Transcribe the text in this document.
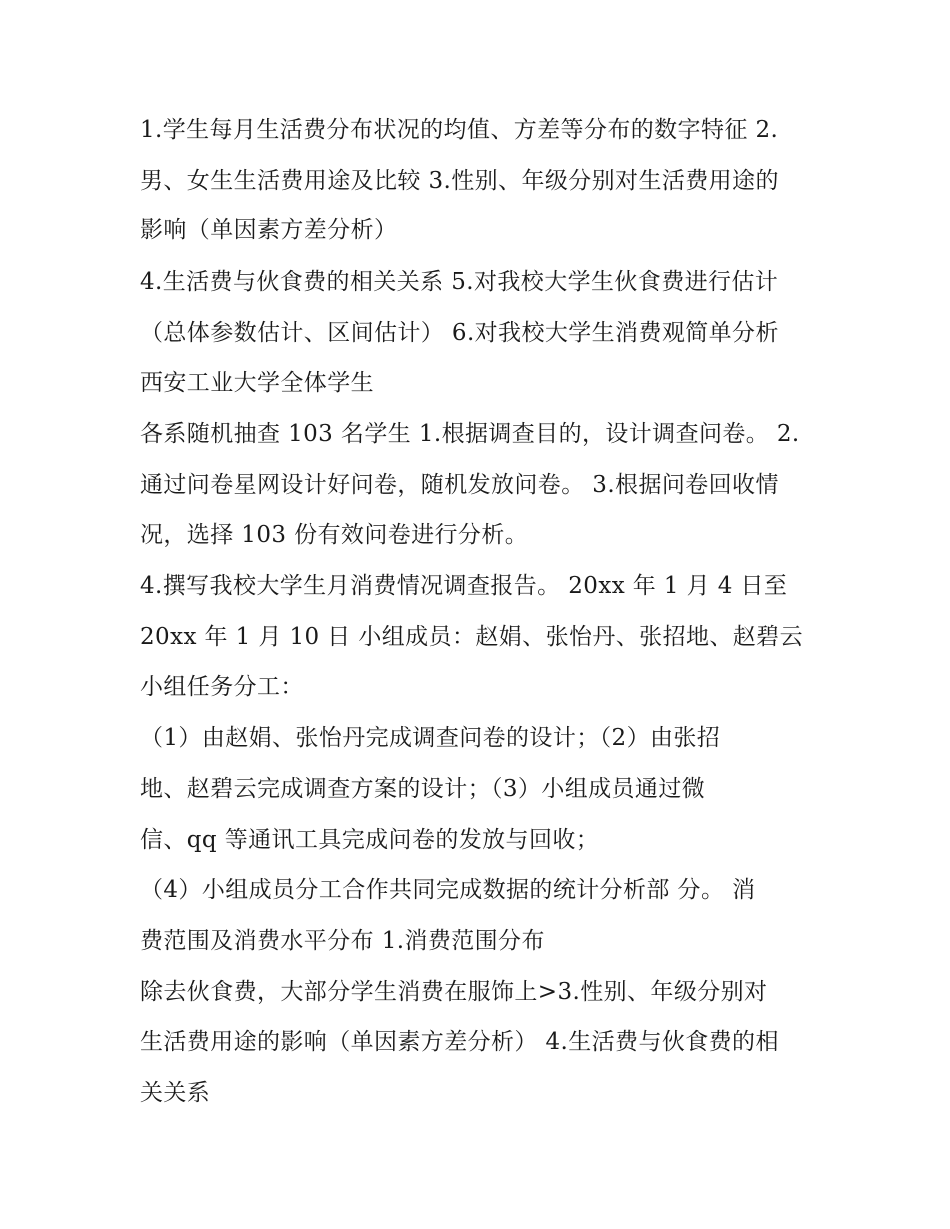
1.学生每月生活费分布状况的均值、方差等分布的数字特征 2.
男、女生生活费用途及比较 3.性别、年级分别对生活费用途的
影响（单因素方差分析）
4.生活费与伙食费的相关关系 5.对我校大学生伙食费进行估计
（总体参数估计、区间估计） 6.对我校大学生消费观简单分析
西安工业大学全体学生
各系随机抽查 103 名学生 1.根据调查目的，设计调查问卷。 2.
通过问卷星网设计好问卷，随机发放问卷。 3.根据问卷回收情
况，选择 103 份有效问卷进行分析。
4.撰写我校大学生月消费情况调查报告。 20xx 年 1 月 4 日至
20xx 年 1 月 10 日 小组成员：赵娟、张怡丹、张招地、赵碧云
小组任务分工：
（1）由赵娟、张怡丹完成调查问卷的设计；（2）由张招
地、赵碧云完成调查方案的设计；（3）小组成员通过微
信、qq 等通讯工具完成问卷的发放与回收；
（4）小组成员分工合作共同完成数据的统计分析部 分。 消
费范围及消费水平分布 1.消费范围分布
除去伙食费，大部分学生消费在服饰上>3.性别、年级分别对
生活费用途的影响（单因素方差分析） 4.生活费与伙食费的相
关关系
